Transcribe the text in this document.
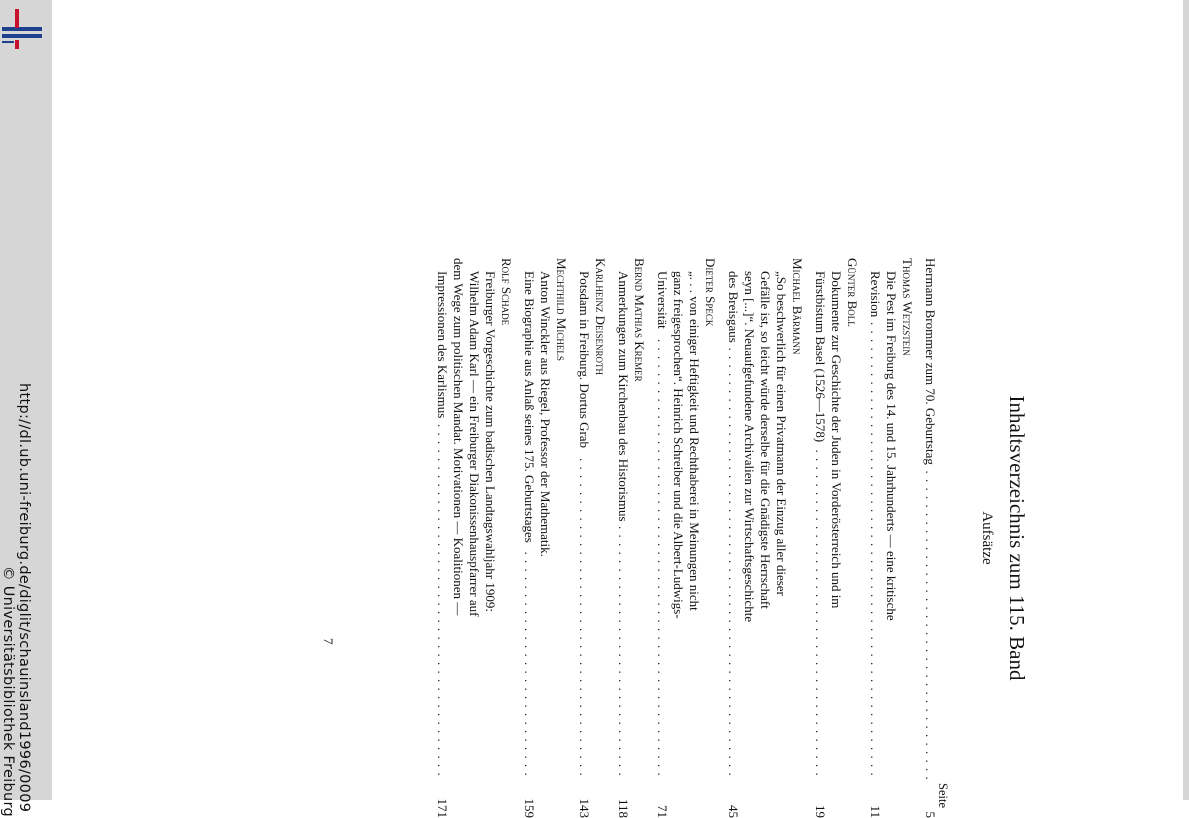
http://dl.ub.uni-freiburg.de/diglit/schauinsland1996/0009
© Universitätsbibliothek Freiburg
Inhaltsverzeichnis zum 115. Band
Aufsätze
Seite
Hermann Brommer zum 70. Geburtstag . . .
5
Thomas Wetzstein
Die Pest im Freiburg des 14. und 15. Jahrhunderts — eine kritische
Revision . . .
11
Günter Boll
Dokumente zur Geschichte der Juden in Vorderösterreich und im
Fürstbistum Basel (1526—1578) . . .
19
Michael Bärmann
„So beschwerlich für einen Privatmann der Einzug aller dieser
Gefälle ist, so leicht würde derselbe für die Gnädigste Herrschaft
seyn [...]“. Neuaufgefundene Archivalien zur Wirtschaftsgeschichte
des Breisgaus . . .
45
Dieter Speck
„. . . von einiger Heftigkeit und Rechthaberei in Meinungen nicht
ganz freigesprochen“. Heinrich Schreiber und die Albert-Ludwigs-
Universität . . .
71
Bernd Mathias Kremer
Anmerkungen zum Kirchenbau des Historismus . . .
118
Karlheinz Deisenroth
Potsdam in Freiburg. Dortus Grab . . .
143
Mechthild Michels
Anton Winckler aus Riegel, Professor der Mathematik.
Eine Biographie aus Anlaß seines 175. Geburtstages . . .
159
Rolf Schade
Freiburger Vorgeschichte zum badischen Landtagswahljahr 1909:
Wilhelm Adam Karl — ein Freiburger Diakonissenhauspfarrer auf
dem Wege zum politischen Mandat. Motivationen — Koalitionen —
Impressionen des Karlismus . . .
171
7
